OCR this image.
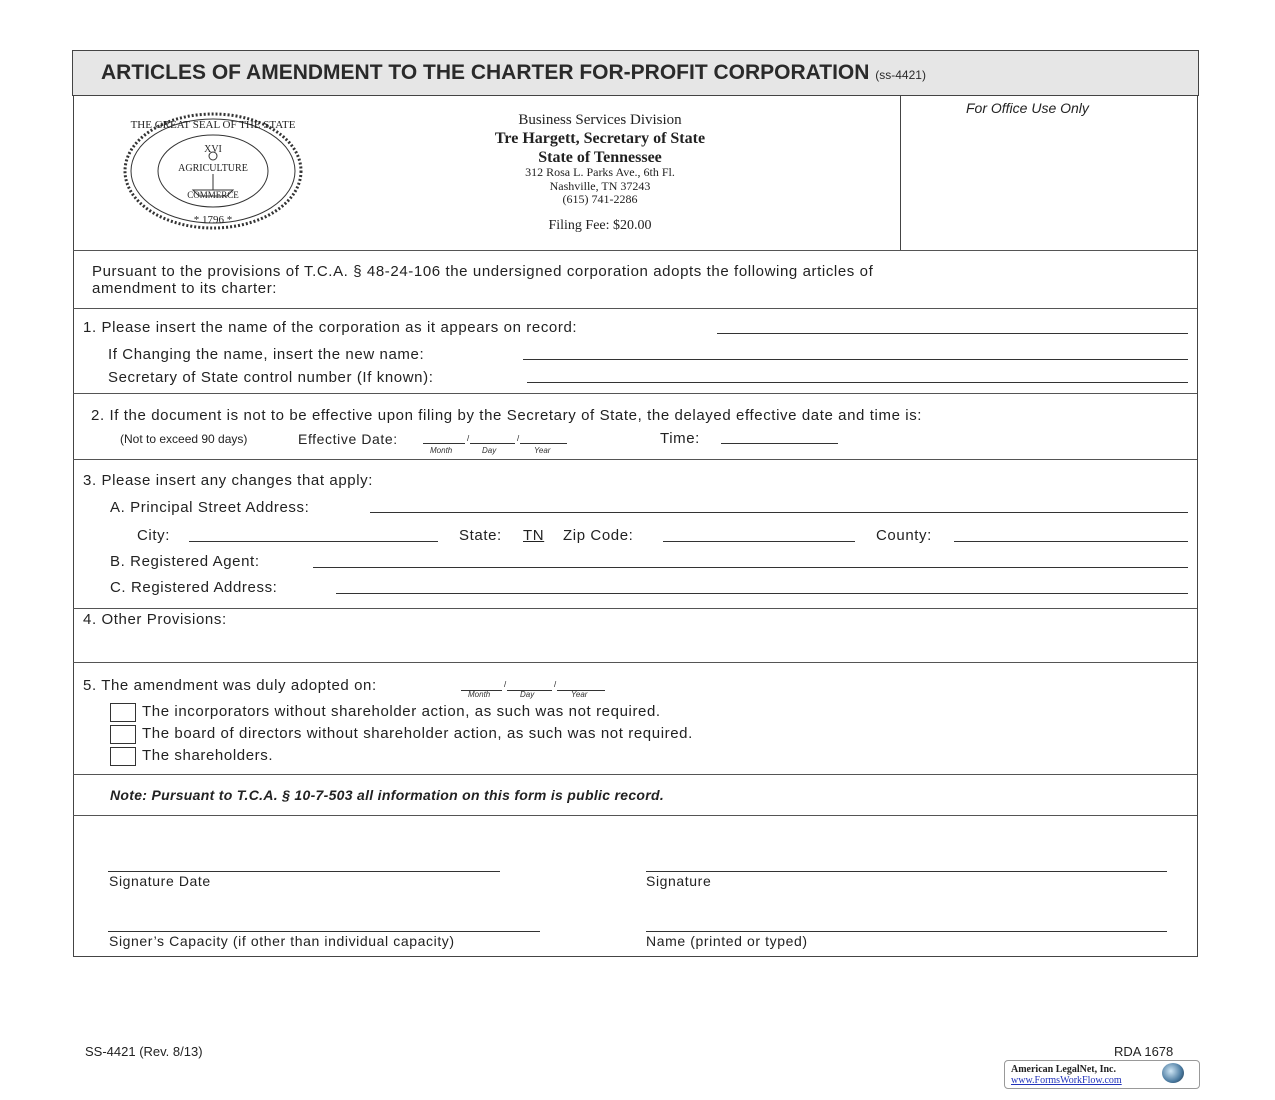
ARTICLES OF AMENDMENT TO THE CHARTER FOR-PROFIT CORPORATION (ss-4421)
THE GREAT SEAL OF THE STATE
XVI
AGRICULTURE
COMMERCE
* 1796 *
Business Services Division
Tre Hargett, Secretary of State
State of Tennessee
312 Rosa L. Parks Ave., 6th Fl.
Nashville, TN 37243
(615) 741-2286
Filing Fee: $20.00
For Office Use Only
Pursuant to the provisions of T.C.A. § 48-24-106 the undersigned corporation adopts the following articles of
amendment to its charter:
1. Please insert the name of the corporation as it appears on record:
If Changing the name, insert the new name:
Secretary of State control number (If known):
2. If the document is not to be effective upon filing by the Secretary of State, the delayed effective date and time is:
(Not to exceed 90 days)	Effective Date:	/	/
Month	Day	Year
Time:
3. Please insert any changes that apply:
A. Principal Street Address:
City:	State: TN Zip Code:	County:
B. Registered Agent:
C. Registered Address:
4. Other Provisions:
5. The amendment was duly adopted on:	/	/
Month	Day	Year
The incorporators without shareholder action, as such was not required.
The board of directors without shareholder action, as such was not required.
The shareholders.
Note: Pursuant to T.C.A. § 10-7-503 all information on this form is public record.
Signature Date	Signature
Signer’s Capacity (if other than individual capacity)	Name (printed or typed)
SS-4421 (Rev. 8/13)	RDA 1678
American LegalNet, Inc.
www.FormsWorkFlow.com
